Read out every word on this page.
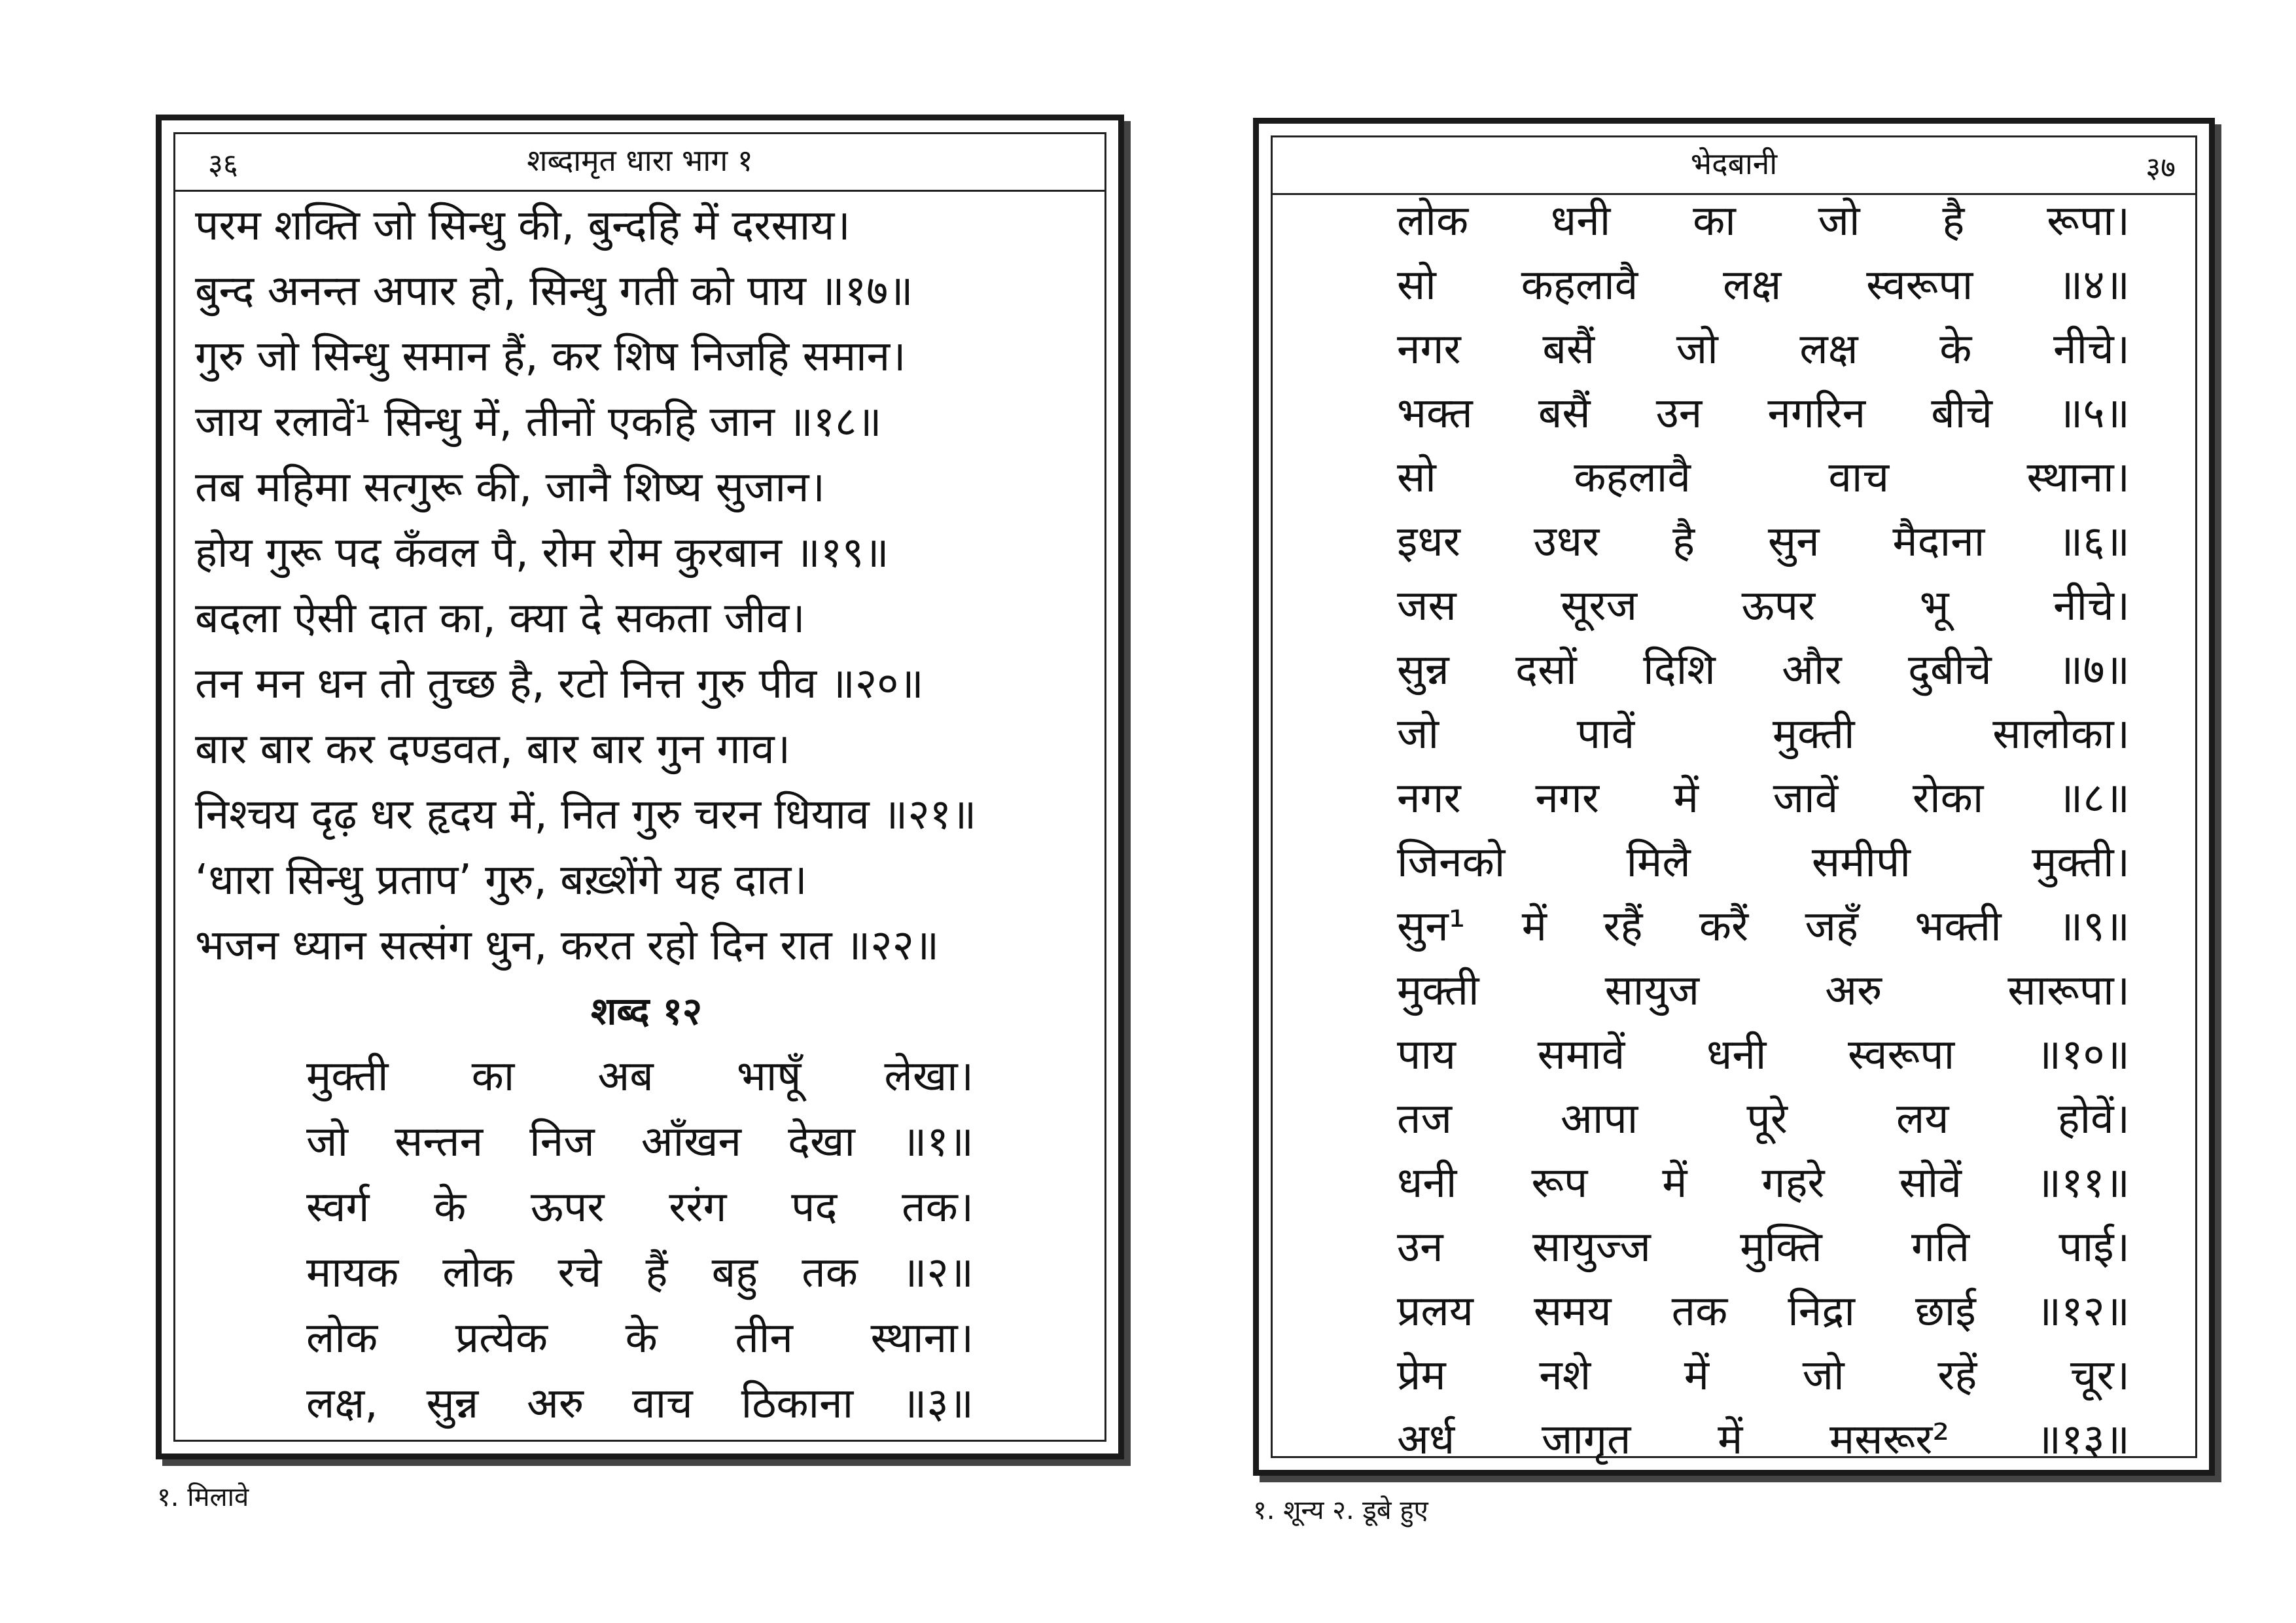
३६	शब्दामृत धारा भाग १
परम शक्ति जो सिन्धु की, बुन्दहि में दरसाय।
बुन्द अनन्त अपार हो, सिन्धु गती को पाय ॥१७॥
गुरु जो सिन्धु समान हैं, कर शिष निजहि समान।
जाय रलावें¹ सिन्धु में, तीनों एकहि जान ॥१८॥
तब महिमा सत्गुरू की, जानै शिष्य सुजान।
होय गुरू पद कँवल पै, रोम रोम कुरबान ॥१९॥
बदला ऐसी दात का, क्या दे सकता जीव।
तन मन धन तो तुच्छ है, रटो नित्त गुरु पीव ॥२०॥
बार बार कर दण्डवत, बार बार गुन गाव।
निश्चय दृढ़ धर हृदय में, नित गुरु चरन धियाव ॥२१॥
‘धारा सिन्धु प्रताप’ गुरु, बख़्शेंगे यह दात।
भजन ध्यान सत्संग धुन, करत रहो दिन रात ॥२२॥
शब्द १२
मुक्ती का अब भाषूँ लेखा।
जो सन्तन निज आँखन देखा ॥१॥
स्वर्ग के ऊपर ररंग पद तक।
मायक लोक रचे हैं बहु तक ॥२॥
लोक प्रत्येक के तीन स्थाना।
लक्ष, सुन्न अरु वाच ठिकाना ॥३॥
१. मिलावे
भेदबानी	३७
लोक धनी का जो है रूपा।
सो कहलावै लक्ष स्वरूपा ॥४॥
नगर बसैं जो लक्ष के नीचे।
भक्त बसैं उन नगरिन बीचे ॥५॥
सो कहलावै वाच स्थाना।
इधर उधर है सुन मैदाना ॥६॥
जस सूरज ऊपर भू नीचे।
सुन्न दसों दिशि और दुबीचे ॥७॥
जो पावें मुक्ती सालोका।
नगर नगर में जावें रोका ॥८॥
जिनको मिलै समीपी मुक्ती।
सुन¹ में रहैं करैं जहँ भक्ती ॥९॥
मुक्ती सायुज अरु सारूपा।
पाय समावें धनी स्वरूपा ॥१०॥
तज आपा पूरे लय होवें।
धनी रूप में गहरे सोवें ॥११॥
उन सायुज्ज मुक्ति गति पाई।
प्रलय समय तक निद्रा छाई ॥१२॥
प्रेम नशे में जो रहें चूर।
अर्ध जागृत में मसरूर² ॥१३॥
१. शून्य २. डूबे हुए
